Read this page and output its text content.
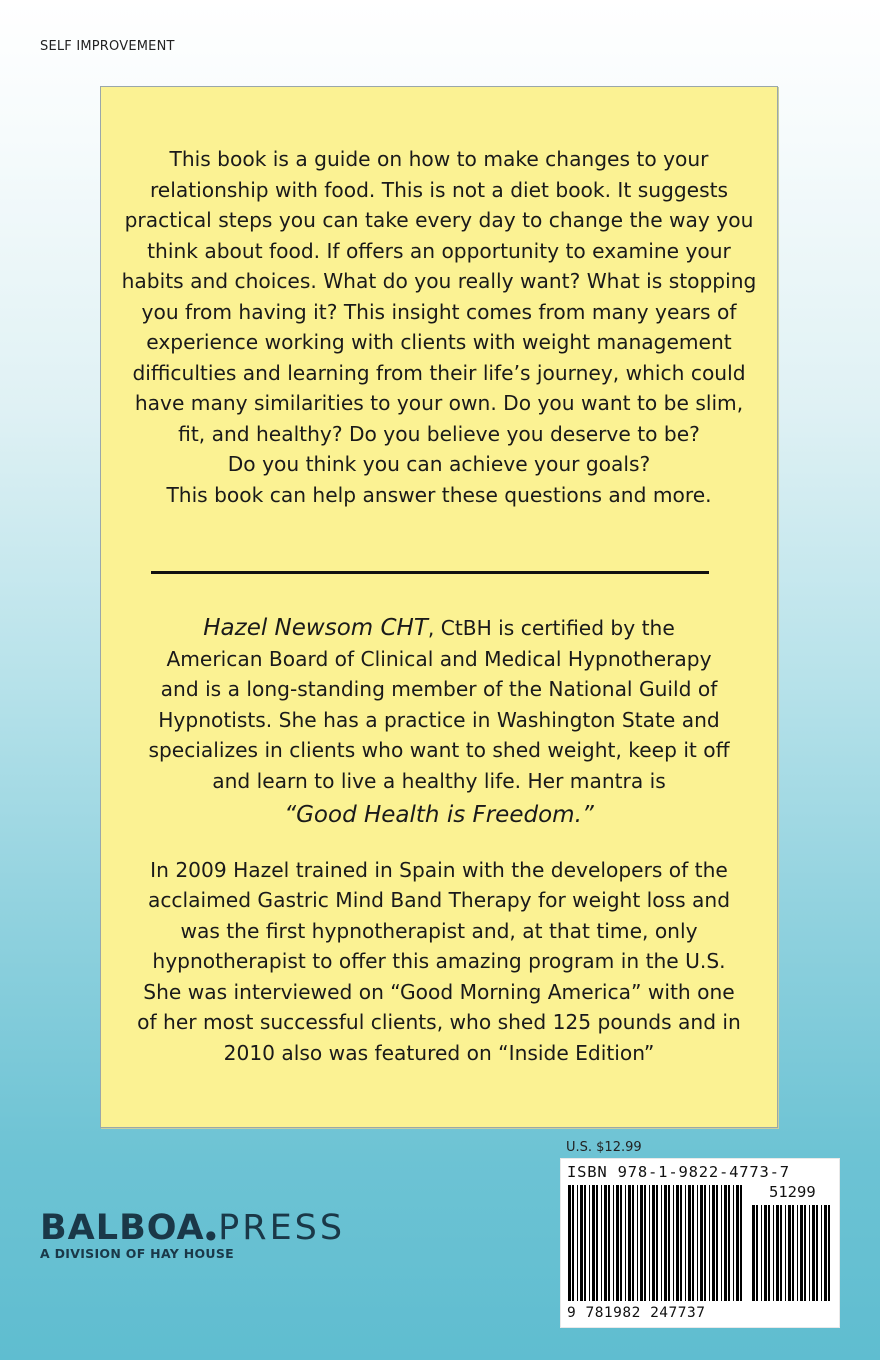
SELF IMPROVEMENT

This book is a guide on how to make changes to your

relationship with food. This is not a diet book. It suggests

practical steps you can take every day to change the way you

think about food. If offers an opportunity to examine your

habits and choices. What do you really want? What is stopping

you from having it? This insight comes from many years of

experience working with clients with weight management

difficulties and learning from their life’s journey, which could

have many similarities to your own. Do you want to be slim,

fit, and healthy? Do you believe you deserve to be?

Do you think you can achieve your goals?

This book can help answer these questions and more.

Hazel Newsom CHT, CtBH is certified by the

American Board of Clinical and Medical Hypnotherapy

and is a long-standing member of the National Guild of

Hypnotists. She has a practice in Washington State and

specializes in clients who want to shed weight, keep it off

and learn to live a healthy life. Her mantra is

“Good Health is Freedom.”

In 2009 Hazel trained in Spain with the developers of the

acclaimed Gastric Mind Band Therapy for weight loss and

was the first hypnotherapist and, at that time, only

hypnotherapist to offer this amazing program in the U.S.

She was interviewed on “Good Morning America” with one

of her most successful clients, who shed 125 pounds and in

2010 also was featured on “Inside Edition”

BALBOA●PRESS
A DIVISION OF HAY HOUSE
U.S. $12.99
ISBN 978-1-9822-4773-7
51299
9 781982 247737
